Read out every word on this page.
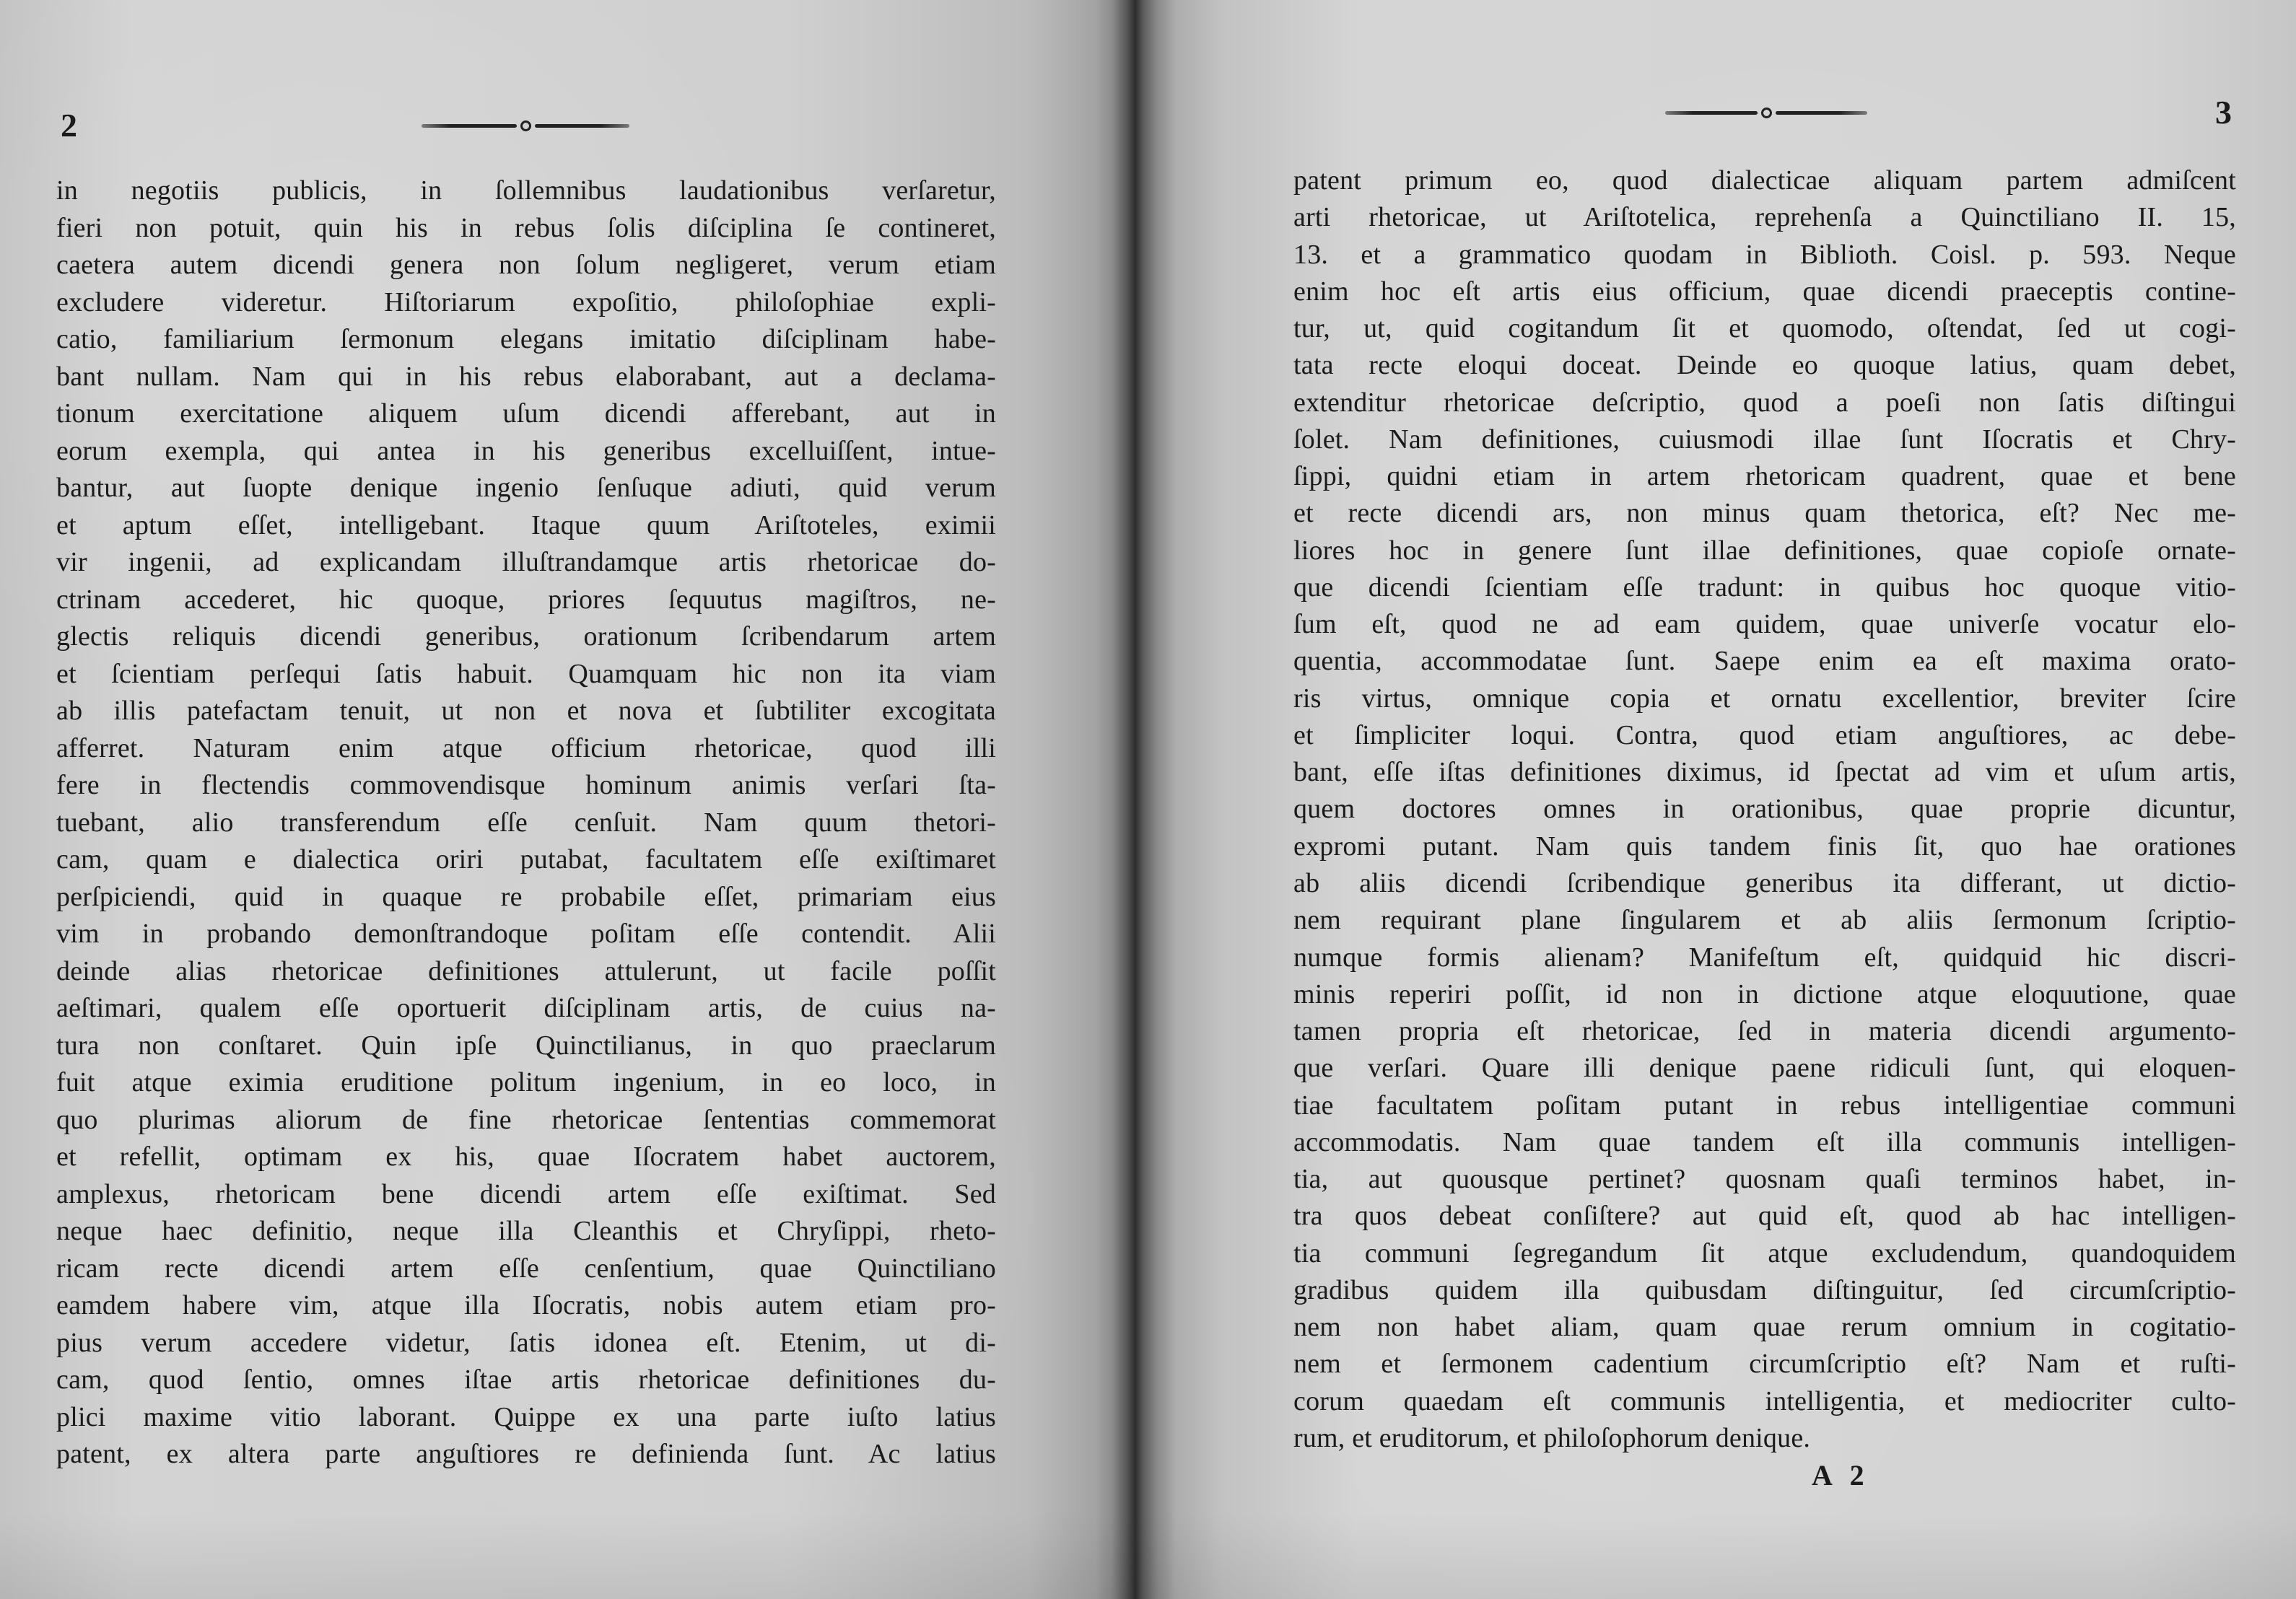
2
in negotiis publicis, in ſollemnibus laudationibus verſaretur,
fieri non potuit, quin his in rebus ſolis diſciplina ſe contineret,
caetera autem dicendi genera non ſolum negligeret, verum etiam
excludere videretur. Hiſtoriarum expoſitio, philoſophiae expli-
catio, familiarium ſermonum elegans imitatio diſciplinam habe-
bant nullam. Nam qui in his rebus elaborabant, aut a declama-
tionum exercitatione aliquem uſum dicendi afferebant, aut in
eorum exempla, qui antea in his generibus excelluiſſent, intue-
bantur, aut ſuopte denique ingenio ſenſuque adiuti, quid verum
et aptum eſſet, intelligebant. Itaque quum Ariſtoteles, eximii
vir ingenii, ad explicandam illuſtrandamque artis rhetoricae do-
ctrinam accederet, hic quoque, priores ſequutus magiſtros, ne-
glectis reliquis dicendi generibus, orationum ſcribendarum artem
et ſcientiam perſequi ſatis habuit. Quamquam hic non ita viam
ab illis patefactam tenuit, ut non et nova et ſubtiliter excogitata
afferret. Naturam enim atque officium rhetoricae, quod illi
fere in flectendis commovendisque hominum animis verſari ſta-
tuebant, alio transferendum eſſe cenſuit. Nam quum thetori-
cam, quam e dialectica oriri putabat, facultatem eſſe exiſtimaret
perſpiciendi, quid in quaque re probabile eſſet, primariam eius
vim in probando demonſtrandoque poſitam eſſe contendit. Alii
deinde alias rhetoricae definitiones attulerunt, ut facile poſſit
aeſtimari, qualem eſſe oportuerit diſciplinam artis, de cuius na-
tura non conſtaret. Quin ipſe Quinctilianus, in quo praeclarum
fuit atque eximia eruditione politum ingenium, in eo loco, in
quo plurimas aliorum de fine rhetoricae ſententias commemorat
et refellit, optimam ex his, quae Iſocratem habet auctorem,
amplexus, rhetoricam bene dicendi artem eſſe exiſtimat. Sed
neque haec definitio, neque illa Cleanthis et Chryſippi, rheto-
ricam recte dicendi artem eſſe cenſentium, quae Quinctiliano
eamdem habere vim, atque illa Iſocratis, nobis autem etiam pro-
pius verum accedere videtur, ſatis idonea eſt. Etenim, ut di-
cam, quod ſentio, omnes iſtae artis rhetoricae definitiones du-
plici maxime vitio laborant. Quippe ex una parte iuſto latius
patent, ex altera parte anguſtiores re definienda ſunt. Ac latius
3
patent primum eo, quod dialecticae aliquam partem admiſcent
arti rhetoricae, ut Ariſtotelica, reprehenſa a Quinctiliano II. 15,
13. et a grammatico quodam in Biblioth. Coisl. p. 593. Neque
enim hoc eſt artis eius officium, quae dicendi praeceptis contine-
tur, ut, quid cogitandum ſit et quomodo, oſtendat, ſed ut cogi-
tata recte eloqui doceat. Deinde eo quoque latius, quam debet,
extenditur rhetoricae deſcriptio, quod a poeſi non ſatis diſtingui
ſolet. Nam definitiones, cuiusmodi illae ſunt Iſocratis et Chry-
ſippi, quidni etiam in artem rhetoricam quadrent, quae et bene
et recte dicendi ars, non minus quam thetorica, eſt? Nec me-
liores hoc in genere ſunt illae definitiones, quae copioſe ornate-
que dicendi ſcientiam eſſe tradunt: in quibus hoc quoque vitio-
ſum eſt, quod ne ad eam quidem, quae univerſe vocatur elo-
quentia, accommodatae ſunt. Saepe enim ea eſt maxima orato-
ris virtus, omnique copia et ornatu excellentior, breviter ſcire
et ſimpliciter loqui. Contra, quod etiam anguſtiores, ac debe-
bant, eſſe iſtas definitiones diximus, id ſpectat ad vim et uſum artis,
quem doctores omnes in orationibus, quae proprie dicuntur,
expromi putant. Nam quis tandem finis ſit, quo hae orationes
ab aliis dicendi ſcribendique generibus ita differant, ut dictio-
nem requirant plane ſingularem et ab aliis ſermonum ſcriptio-
numque formis alienam? Manifeſtum eſt, quidquid hic discri-
minis reperiri poſſit, id non in dictione atque eloquutione, quae
tamen propria eſt rhetoricae, ſed in materia dicendi argumento-
que verſari. Quare illi denique paene ridiculi ſunt, qui eloquen-
tiae facultatem poſitam putant in rebus intelligentiae communi
accommodatis. Nam quae tandem eſt illa communis intelligen-
tia, aut quousque pertinet? quosnam quaſi terminos habet, in-
tra quos debeat conſiſtere? aut quid eſt, quod ab hac intelligen-
tia communi ſegregandum ſit atque excludendum, quandoquidem
gradibus quidem illa quibusdam diſtinguitur, ſed circumſcriptio-
nem non habet aliam, quam quae rerum omnium in cogitatio-
nem et ſermonem cadentium circumſcriptio eſt? Nam et ruſti-
corum quaedam eſt communis intelligentia, et mediocriter culto-
rum, et eruditorum, et philoſophorum denique.
A 2
